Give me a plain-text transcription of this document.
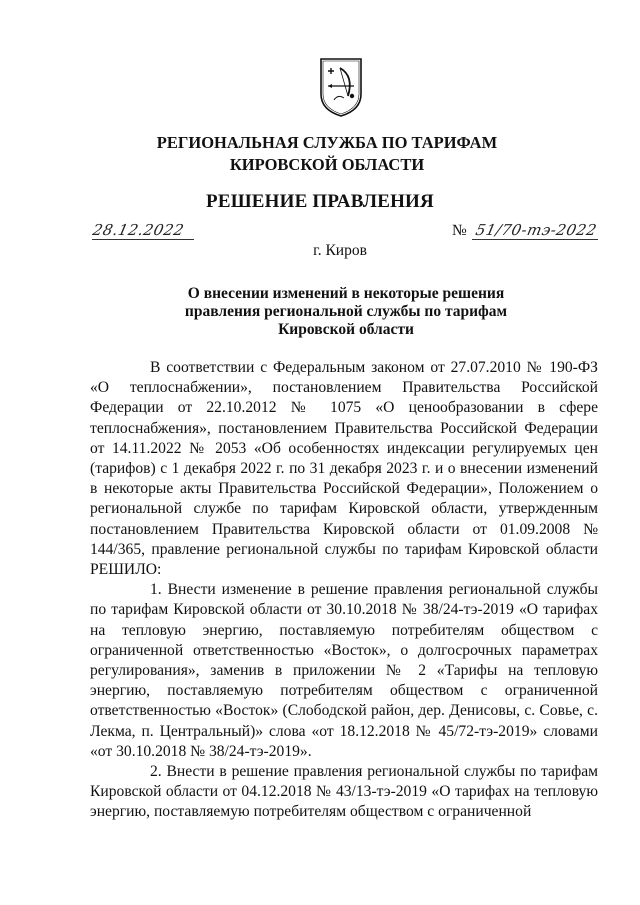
РЕГИОНАЛЬНАЯ СЛУЖБА ПО ТАРИФАМ
КИРОВСКОЙ ОБЛАСТИ
РЕШЕНИЕ ПРАВЛЕНИЯ
28.12.2022	№ 51/70-тэ-2022
г. Киров
О внесении изменений в некоторые решения
правления региональной службы по тарифам
Кировской области

В соответствии с Федеральным законом от 27.07.2010 № 190-ФЗ «О теплоснабжении», постановлением Правительства Российской Федерации от 22.10.2012 № 1075 «О ценообразовании в сфере теплоснабжения», постановлением Правительства Российской Федерации от 14.11.2022 № 2053 «Об особенностях индексации регулируемых цен (тарифов) с 1 декабря 2022 г. по 31 декабря 2023 г. и о внесении изменений в некоторые акты Правительства Российской Федерации», Положением о региональной службе по тарифам Кировской области, утвержденным постановлением Правительства Кировской области от 01.09.2008 № 144/365, правление региональной службы по тарифам Кировской области РЕШИЛО:

1. Внести изменение в решение правления региональной службы по тарифам Кировской области от 30.10.2018 № 38/24-тэ-2019 «О тарифах на тепловую энергию, поставляемую потребителям обществом с ограниченной ответственностью «Восток», о долгосрочных параметрах регулирования», заменив в приложении № 2 «Тарифы на тепловую энергию, поставляемую потребителям обществом с ограниченной ответственностью «Восток» (Слободской район, дер. Денисовы, с. Совье, с. Лекма, п. Центральный)» слова «от 18.12.2018 № 45/72-тэ-2019» словами «от 30.10.2018 № 38/24-тэ-2019».

2. Внести в решение правления региональной службы по тарифам Кировской области от 04.12.2018 № 43/13-тэ-2019 «О тарифах на тепловую энергию, поставляемую потребителям обществом с ограниченной
